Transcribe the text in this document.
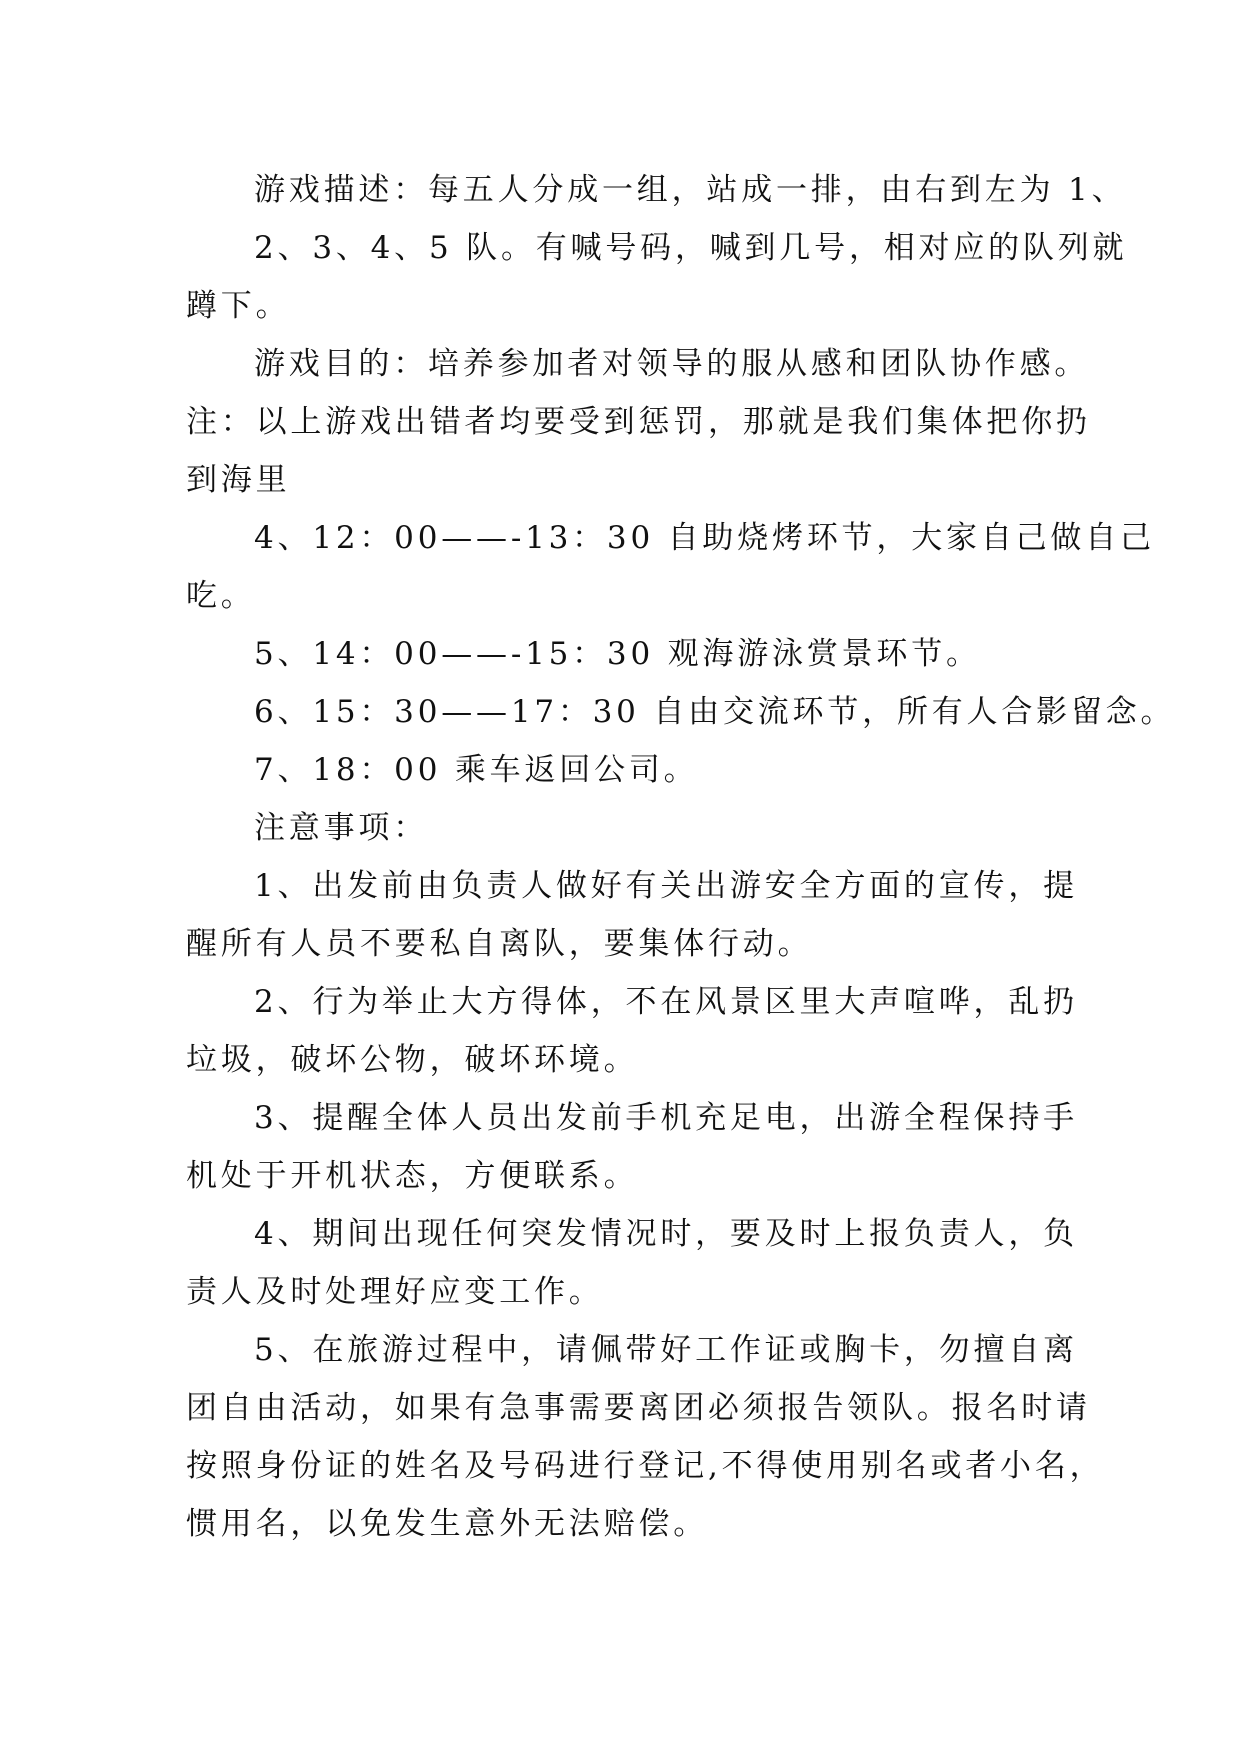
游戏描述：每五人分成一组，站成一排，由右到左为 1、
2、3、4、5 队。有喊号码，喊到几号，相对应的队列就
蹲下。
游戏目的：培养参加者对领导的服从感和团队协作感。
注：以上游戏出错者均要受到惩罚，那就是我们集体把你扔
到海里
4、12：00——-13：30 自助烧烤环节，大家自己做自己
吃。
5、14：00——-15：30 观海游泳赏景环节。
6、15：30——17：30 自由交流环节，所有人合影留念。
7、18：00 乘车返回公司。
注意事项：
1、出发前由负责人做好有关出游安全方面的宣传，提
醒所有人员不要私自离队，要集体行动。
2、行为举止大方得体，不在风景区里大声喧哗，乱扔
垃圾，破坏公物，破坏环境。
3、提醒全体人员出发前手机充足电，出游全程保持手
机处于开机状态，方便联系。
4、期间出现任何突发情况时，要及时上报负责人，负
责人及时处理好应变工作。
5、在旅游过程中，请佩带好工作证或胸卡，勿擅自离
团自由活动，如果有急事需要离团必须报告领队。报名时请
按照身份证的姓名及号码进行登记,不得使用别名或者小名，
惯用名，以免发生意外无法赔偿。
